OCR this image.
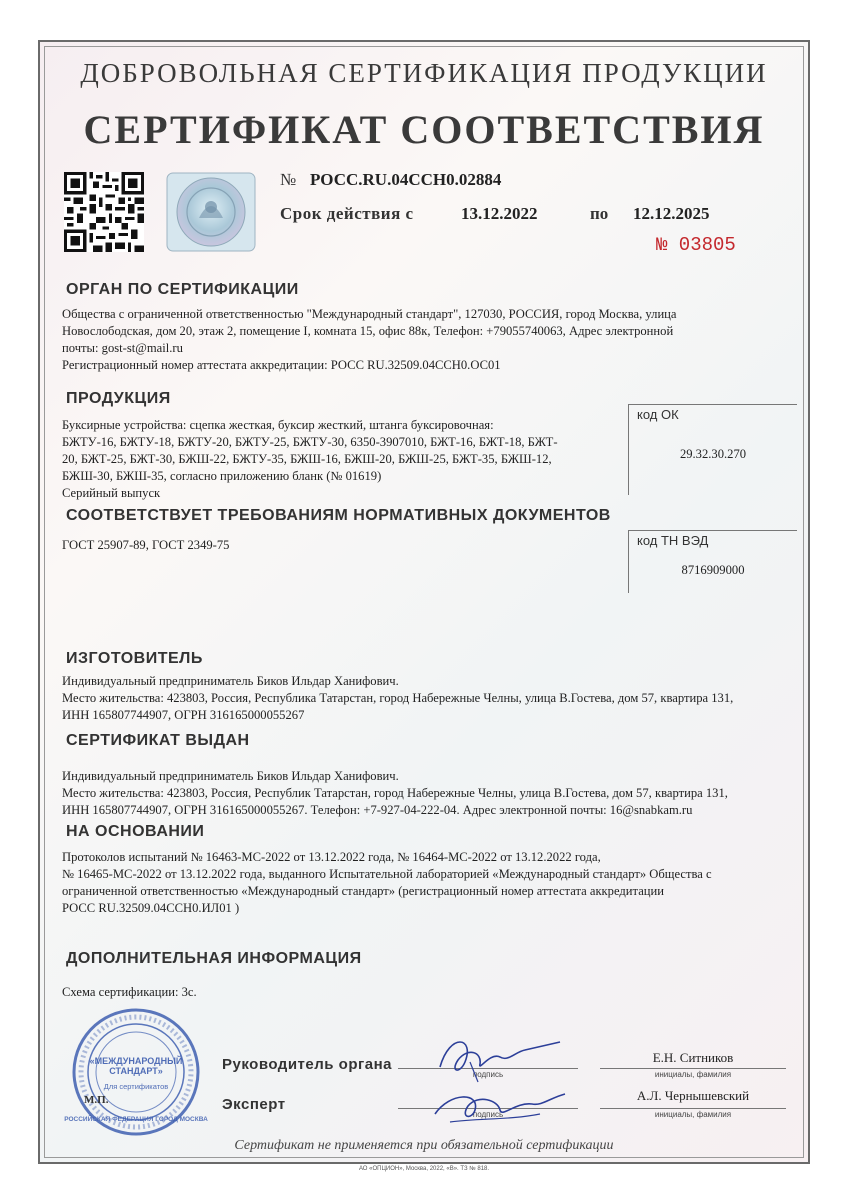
ДОБРОВОЛЬНАЯ СЕРТИФИКАЦИЯ ПРОДУКЦИИ
СЕРТИФИКАТ СООТВЕТСТВИЯ
№ РОСС.RU.04ССН0.02884
Срок действия с	13.12.2022	по 12.12.2025
№ 03805
ОРГАН ПО СЕРТИФИКАЦИИ
Общества с ограниченной ответственностью "Международный стандарт", 127030, РОССИЯ, город Москва, улица
Новослободская, дом 20, этаж 2, помещение I, комната 15, офис 88к, Телефон: +79055740063, Адрес электронной
почты: gost-st@mail.ru
Регистрационный номер аттестата аккредитации: РОСС RU.32509.04ССН0.ОС01
ПРОДУКЦИЯ
Буксирные устройства: сцепка жесткая, буксир жесткий, штанга буксировочная:
БЖТУ-16, БЖТУ-18, БЖТУ-20, БЖТУ-25, БЖТУ-30, 6350-3907010, БЖТ-16, БЖТ-18, БЖТ-
20, БЖТ-25, БЖТ-30, БЖШ-22, БЖТУ-35, БЖШ-16, БЖШ-20, БЖШ-25, БЖТ-35, БЖШ-12,
БЖШ-30, БЖШ-35, согласно приложению бланк (№ 01619)
Серийный выпуск
код ОК
29.32.30.270
СООТВЕТСТВУЕТ ТРЕБОВАНИЯМ НОРМАТИВНЫХ ДОКУМЕНТОВ
ГОСТ 25907-89, ГОСТ 2349-75	код ТН ВЭД
8716909000
ИЗГОТОВИТЕЛЬ
Индивидуальный предприниматель Биков Ильдар Ханифович.
Место жительства: 423803, Россия, Республика Татарстан, город Набережные Челны, улица В.Гостева, дом 57, квартира 131,
ИНН 165807744907, ОГРН 316165000055267
СЕРТИФИКАТ ВЫДАН
Индивидуальный предприниматель Биков Ильдар Ханифович.
Место жительства: 423803, Россия, Республик Татарстан, город Набережные Челны, улица В.Гостева, дом 57, квартира 131,
ИНН 165807744907, ОГРН 316165000055267. Телефон: +7-927-04-222-04. Адрес электронной почты: 16@snabkam.ru
НА ОСНОВАНИИ
Протоколов испытаний № 16463-МС-2022 от 13.12.2022 года, № 16464-МС-2022 от 13.12.2022 года,
№ 16465-МС-2022 от 13.12.2022 года, выданного Испытательной лабораторией «Международный стандарт» Общества с
ограниченной ответственностью «Международный стандарт» (регистрационный номер аттестата аккредитации
РОСС RU.32509.04ССН0.ИЛ01 )
ДОПОЛНИТЕЛЬНАЯ ИНФОРМАЦИЯ
Схема сертификации: 3с.
РОССИЙСКАЯ ФЕДЕРАЦИЯ ГОРОД МОСКВА
«МЕЖДУНАРОДНЫЙ СТАНДАРТ»
Для сертификатов
М.П.
Руководитель органа
подпись
Е.Н. Ситников
инициалы, фамилия
Эксперт
подпись
А.Л. Чернышевский
инициалы, фамилия
Сертификат не применяется при обязательной сертификации
АО «ОПЦИОН», Москва, 2022, «В». ТЗ № 818.
